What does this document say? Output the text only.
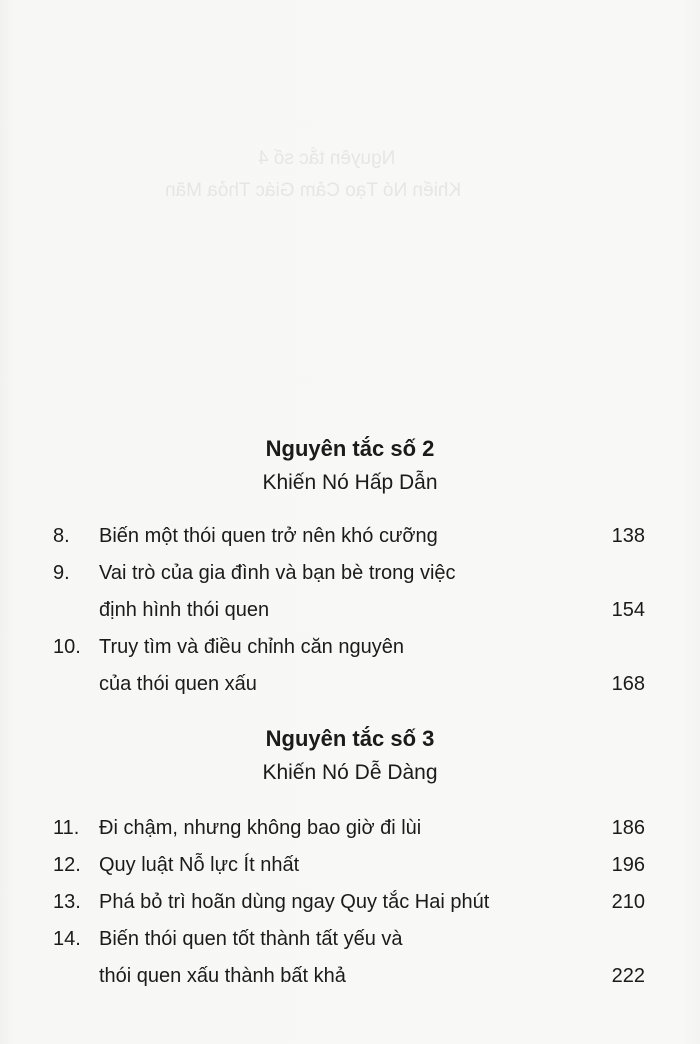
Nguyên tắc số 4
Khiến Nó Tạo Cảm Giác Thỏa Mãn

Nguyên tắc số 2

Khiến Nó Hấp Dẫn

8.	Biến một thói quen trở nên khó cưỡng	138
9.	Vai trò của gia đình và bạn bè trong việc
định hình thói quen	154
10. Truy tìm và điều chỉnh căn nguyên
của thói quen xấu	168

Nguyên tắc số 3

Khiến Nó Dễ Dàng

11. Đi chậm, nhưng không bao giờ đi lùi	186
12. Quy luật Nỗ lực Ít nhất	196
13. Phá bỏ trì hoãn dùng ngay Quy tắc Hai phút	210
14. Biến thói quen tốt thành tất yếu và
thói quen xấu thành bất khả	222
